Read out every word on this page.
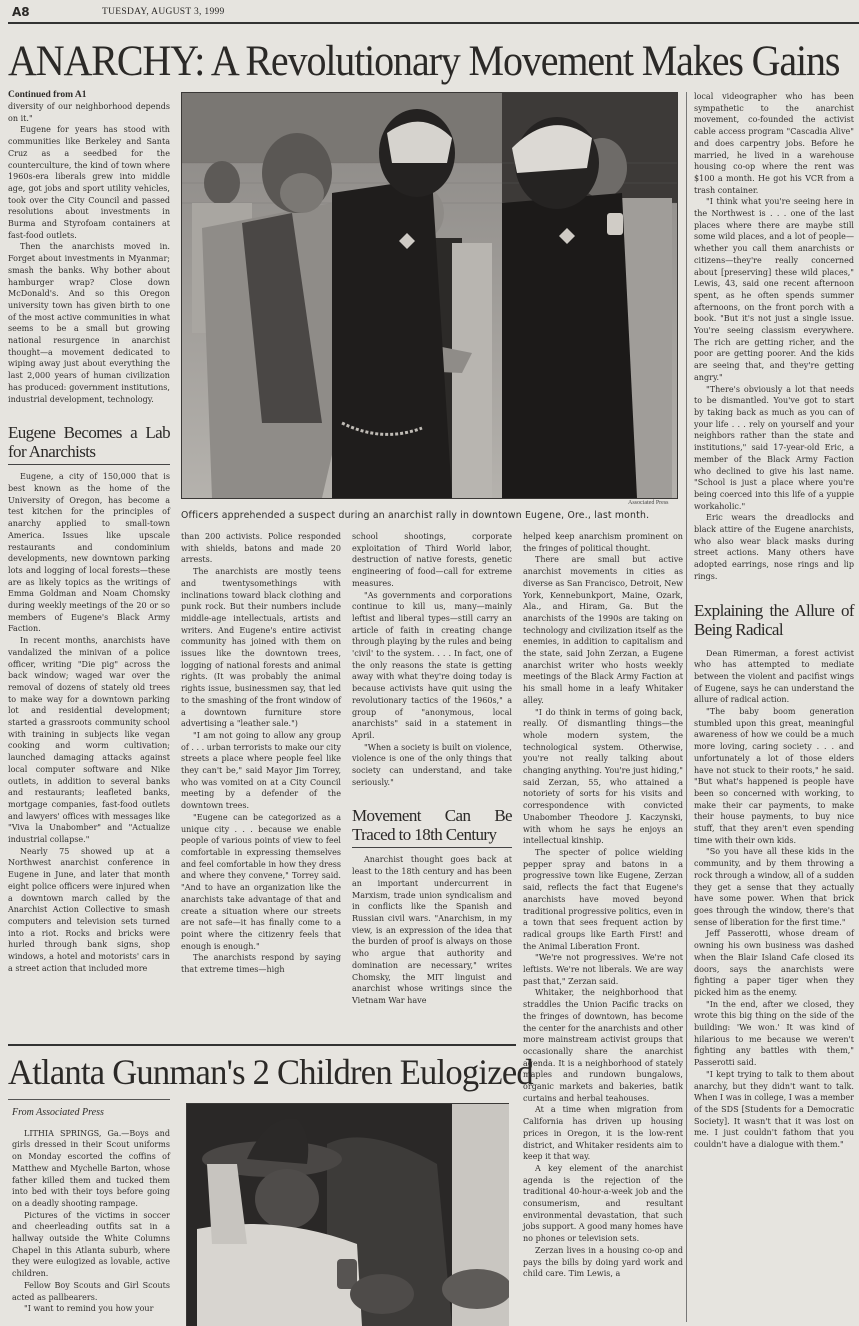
A8	TUESDAY, AUGUST 3, 1999
ANARCHY: A Revolutionary Movement Makes Gains
Continued from A1

diversity of our neighborhood depends on it."

Eugene for years has stood with communities like Berkeley and Santa Cruz as a seedbed for the counterculture, the kind of town where 1960s-era liberals grew into middle age, got jobs and sport utility vehicles, took over the City Council and passed resolutions about investments in Burma and Styrofoam containers at fast-food outlets.

Then the anarchists moved in. Forget about investments in Myanmar; smash the banks. Why bother about hamburger wrap? Close down McDonald's. And so this Oregon university town has given birth to one of the most active communities in what seems to be a small but growing national resurgence in anarchist thought—a movement dedicated to wiping away just about everything the last 2,000 years of human civilization has produced: government institutions, industrial development, technology.

Eugene Becomes a Lab for Anarchists

Eugene, a city of 150,000 that is best known as the home of the University of Oregon, has become a test kitchen for the principles of anarchy applied to small-town America. Issues like upscale restaurants and condominium developments, new downtown parking lots and logging of local forests—these are as likely topics as the writings of Emma Goldman and Noam Chomsky during weekly meetings of the 20 or so members of Eugene's Black Army Faction.

In recent months, anarchists have vandalized the minivan of a police officer, writing "Die pig" across the back window; waged war over the removal of dozens of stately old trees to make way for a downtown parking lot and residential development; started a grassroots community school with training in subjects like vegan cooking and worm cultivation; launched damaging attacks against local computer software and Nike outlets, in addition to several banks and restaurants; leafleted banks, mortgage companies, fast-food outlets and lawyers' offices with messages like "Viva la Unabomber" and "Actualize industrial collapse."

Nearly 75 showed up at a Northwest anarchist conference in Eugene in June, and later that month eight police officers were injured when a downtown march called by the Anarchist Action Collective to smash computers and television sets turned into a riot. Rocks and bricks were hurled through bank signs, shop windows, a hotel and motorists' cars in a street action that included more

Associated Press
Officers apprehended a suspect during an anarchist rally in downtown Eugene, Ore., last month.

than 200 activists. Police responded with shields, batons and made 20 arrests.

The anarchists are mostly teens and twentysomethings with inclinations toward black clothing and punk rock. But their numbers include middle-age intellectuals, artists and writers. And Eugene's entire activist community has joined with them on issues like the downtown trees, logging of national forests and animal rights. (It was probably the animal rights issue, businessmen say, that led to the smashing of the front window of a downtown furniture store advertising a "leather sale.")

"I am not going to allow any group of . . . urban terrorists to make our city streets a place where people feel like they can't be," said Mayor Jim Torrey, who was vomited on at a City Council meeting by a defender of the downtown trees.

"Eugene can be categorized as a unique city . . . because we enable people of various points of view to feel comfortable in expressing themselves and feel comfortable in how they dress and where they convene," Torrey said. "And to have an organization like the anarchists take advantage of that and create a situation where our streets are not safe—it has finally come to a point where the citizenry feels that enough is enough."

The anarchists respond by saying that extreme times—high

school shootings, corporate exploitation of Third World labor, destruction of native forests, genetic engineering of food—call for extreme measures.

"As governments and corporations continue to kill us, many—mainly leftist and liberal types—still carry an article of faith in creating change through playing by the rules and being 'civil' to the system. . . . In fact, one of the only reasons the state is getting away with what they're doing today is because activists have quit using the revolutionary tactics of the 1960s," a group of "anonymous, local anarchists" said in a statement in April.

"When a society is built on violence, violence is one of the only things that society can understand, and take seriously."

Movement Can Be Traced to 18th Century

Anarchist thought goes back at least to the 18th century and has been an important undercurrent in Marxism, trade union syndicalism and in conflicts like the Spanish and Russian civil wars. "Anarchism, in my view, is an expression of the idea that the burden of proof is always on those who argue that authority and domination are necessary," writes Chomsky, the MIT linguist and anarchist whose writings since the Vietnam War have

helped keep anarchism prominent on the fringes of political thought.

There are small but active anarchist movements in cities as diverse as San Francisco, Detroit, New York, Kennebunkport, Maine, Ozark, Ala., and Hiram, Ga. But the anarchists of the 1990s are taking on technology and civilization itself as the enemies, in addition to capitalism and the state, said John Zerzan, a Eugene anarchist writer who hosts weekly meetings of the Black Army Faction at his small home in a leafy Whitaker alley.

"I do think in terms of going back, really. Of dismantling things—the whole modern system, the technological system. Otherwise, you're not really talking about changing anything. You're just hiding," said Zerzan, 55, who attained a notoriety of sorts for his visits and correspondence with convicted Unabomber Theodore J. Kaczynski, with whom he says he enjoys an intellectual kinship.

The specter of police wielding pepper spray and batons in a progressive town like Eugene, Zerzan said, reflects the fact that Eugene's anarchists have moved beyond traditional progressive politics, even in a town that sees frequent action by radical groups like Earth First! and the Animal Liberation Front.

"We're not progressives. We're not leftists. We're not liberals. We are way past that," Zerzan said.

Whitaker, the neighborhood that straddles the Union Pacific tracks on the fringes of downtown, has become the center for the anarchists and other more mainstream activist groups that occasionally share the anarchist agenda. It is a neighborhood of stately maples and rundown bungalows, organic markets and bakeries, batik curtains and herbal teahouses.

At a time when migration from California has driven up housing prices in Oregon, it is the low-rent district, and Whitaker residents aim to keep it that way.

A key element of the anarchist agenda is the rejection of the traditional 40-hour-a-week job and the consumerism, and resultant environmental devastation, that such jobs support. A good many homes have no phones or television sets.

Zerzan lives in a housing co-op and pays the bills by doing yard work and child care. Tim Lewis, a

local videographer who has been sympathetic to the anarchist movement, co-founded the activist cable access program "Cascadia Alive" and does carpentry jobs. Before he married, he lived in a warehouse housing co-op where the rent was $100 a month. He got his VCR from a trash container.

"I think what you're seeing here in the Northwest is . . . one of the last places where there are maybe still some wild places, and a lot of people—whether you call them anarchists or citizens—they're really concerned about [preserving] these wild places," Lewis, 43, said one recent afternoon spent, as he often spends summer afternoons, on the front porch with a book. "But it's not just a single issue. You're seeing classism everywhere. The rich are getting richer, and the poor are getting poorer. And the kids are seeing that, and they're getting angry."

"There's obviously a lot that needs to be dismantled. You've got to start by taking back as much as you can of your life . . . rely on yourself and your neighbors rather than the state and institutions," said 17-year-old Eric, a member of the Black Army Faction who declined to give his last name. "School is just a place where you're being coerced into this life of a yuppie workaholic."

Eric wears the dreadlocks and black attire of the Eugene anarchists, who also wear black masks during street actions. Many others have adopted earrings, nose rings and lip rings.

Explaining the Allure of Being Radical

Dean Rimerman, a forest activist who has attempted to mediate between the violent and pacifist wings of Eugene, says he can understand the allure of radical action.

"The baby boom generation stumbled upon this great, meaningful awareness of how we could be a much more loving, caring society . . . and unfortunately a lot of those elders have not stuck to their roots," he said. "But what's happened is people have been so concerned with working, to make their car payments, to make their house payments, to buy nice stuff, that they aren't even spending time with their own kids.

"So you have all these kids in the community, and by them throwing a rock through a window, all of a sudden they get a sense that they actually have some power. When that brick goes through the window, there's that sense of liberation for the first time."

Jeff Passerotti, whose dream of owning his own business was dashed when the Blair Island Cafe closed its doors, says the anarchists were fighting a paper tiger when they picked him as the enemy.

"In the end, after we closed, they wrote this big thing on the side of the building: 'We won.' It was kind of hilarious to me because we weren't fighting any battles with them," Passerotti said.

"I kept trying to talk to them about anarchy, but they didn't want to talk. When I was in college, I was a member of the SDS [Students for a Democratic Society]. It wasn't that it was lost on me. I just couldn't fathom that you couldn't have a dialogue with them."

Atlanta Gunman's 2 Children Eulogized
From Associated Press

LITHIA SPRINGS, Ga.—Boys and girls dressed in their Scout uniforms on Monday escorted the coffins of Matthew and Mychelle Barton, whose father killed them and tucked them into bed with their toys before going on a deadly shooting rampage.

Pictures of the victims in soccer and cheerleading outfits sat in a hallway outside the White Columns Chapel in this Atlanta suburb, where they were eulogized as lovable, active children.

Fellow Boy Scouts and Girl Scouts acted as pallbearers.

"I want to remind you how your
